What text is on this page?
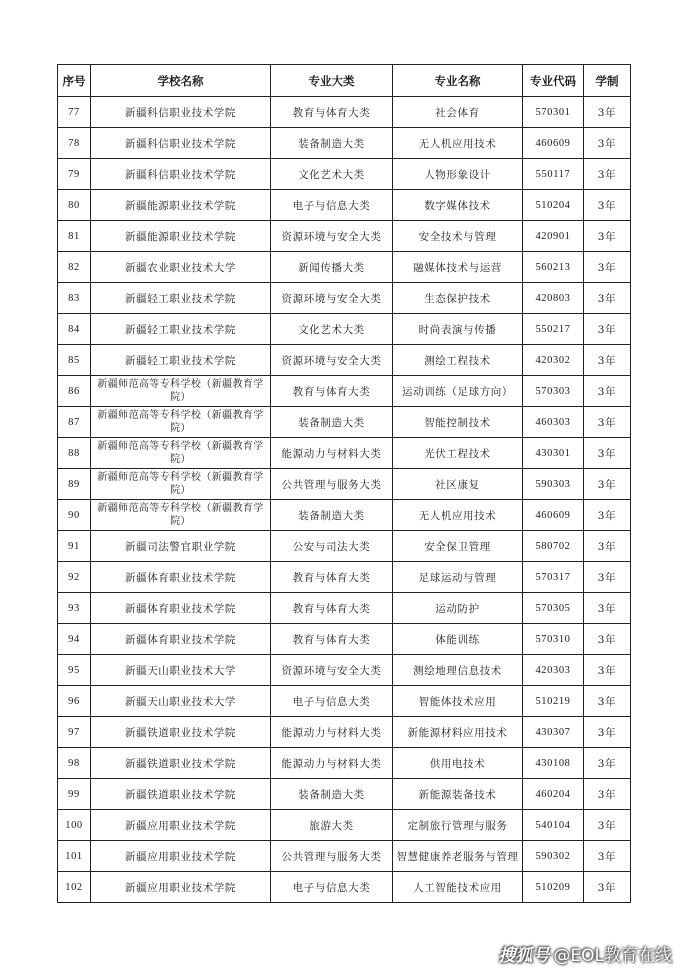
序号	学校名称	专业大类	专业名称	专业代码	学制
77	新疆科信职业技术学院	教育与体育大类	社会体育	570301	3年
78	新疆科信职业技术学院	装备制造大类	无人机应用技术	460609	3年
79	新疆科信职业技术学院	文化艺术大类	人物形象设计	550117	3年
80	新疆能源职业技术学院	电子与信息大类	数字媒体技术	510204	3年
81	新疆能源职业技术学院	资源环境与安全大类	安全技术与管理	420901	3年
82	新疆农业职业技术大学	新闻传播大类	融媒体技术与运营	560213	3年
83	新疆轻工职业技术学院	资源环境与安全大类	生态保护技术	420803	3年
84	新疆轻工职业技术学院	文化艺术大类	时尚表演与传播	550217	3年
85	新疆轻工职业技术学院	资源环境与安全大类	测绘工程技术	420302	3年
86	新疆师范高等专科学校（新疆教育学院）	教育与体育大类	运动训练（足球方向）	570303	3年
87	新疆师范高等专科学校（新疆教育学院）	装备制造大类	智能控制技术	460303	3年
88	新疆师范高等专科学校（新疆教育学院）	能源动力与材料大类	光伏工程技术	430301	3年
89	新疆师范高等专科学校（新疆教育学院）	公共管理与服务大类	社区康复	590303	3年
90	新疆师范高等专科学校（新疆教育学院）	装备制造大类	无人机应用技术	460609	3年
91	新疆司法警官职业学院	公安与司法大类	安全保卫管理	580702	3年
92	新疆体育职业技术学院	教育与体育大类	足球运动与管理	570317	3年
93	新疆体育职业技术学院	教育与体育大类	运动防护	570305	3年
94	新疆体育职业技术学院	教育与体育大类	体能训练	570310	3年
95	新疆天山职业技术大学	资源环境与安全大类	测绘地理信息技术	420303	3年
96	新疆天山职业技术大学	电子与信息大类	智能体技术应用	510219	3年
97	新疆铁道职业技术学院	能源动力与材料大类	新能源材料应用技术	430307	3年
98	新疆铁道职业技术学院	能源动力与材料大类	供用电技术	430108	3年
99	新疆铁道职业技术学院	装备制造大类	新能源装备技术	460204	3年
100	新疆应用职业技术学院	旅游大类	定制旅行管理与服务	540104	3年
101	新疆应用职业技术学院	公共管理与服务大类	智慧健康养老服务与管理	590302	3年
102	新疆应用职业技术学院	电子与信息大类	人工智能技术应用	510209	3年
搜狐号 @EOL教育在线
